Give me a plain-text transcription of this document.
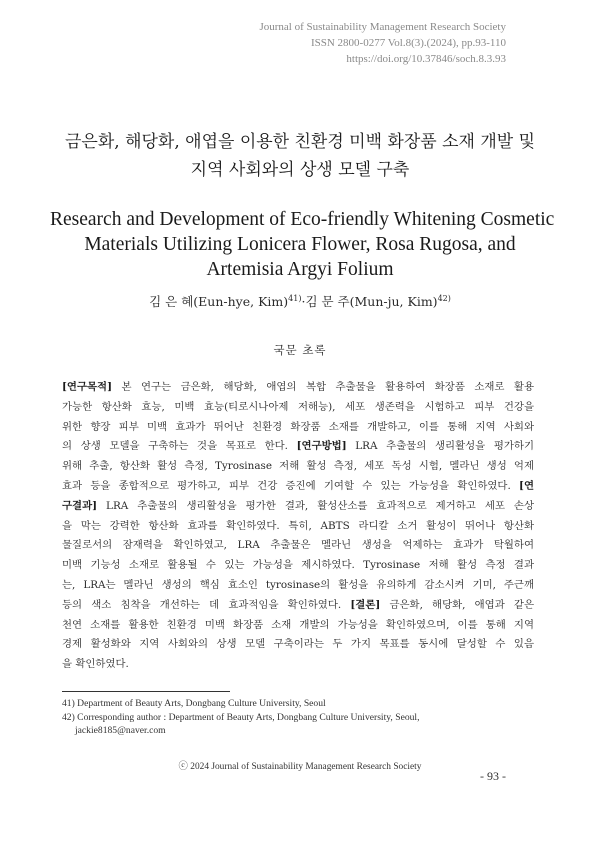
Journal of Sustainability Management Research Society
ISSN 2800-0277 Vol.8(3).(2024), pp.93-110
https://doi.org/10.37846/soch.8.3.93
금은화, 해당화, 애엽을 이용한 친환경 미백 화장품 소재 개발 및
지역 사회와의 상생 모델 구축
Research and Development of Eco-friendly Whitening Cosmetic
Materials Utilizing Lonicera Flower, Rosa Rugosa, and
Artemisia Argyi Folium
김 은 혜(Eun-hye, Kim)$^{41)}$·김 문 주(Mun-ju, Kim)$^{42)}$
국문 초록
[연구목적] 본 연구는 금은화, 해당화, 애엽의 복합 추출물을 활용하여 화장품 소재로 활용
가능한 항산화 효능, 미백 효능(티로시나아제 저해능), 세포 생존력을 시험하고 피부 건강을
위한 향장 피부 미백 효과가 뛰어난 친환경 화장품 소재를 개발하고, 이를 통해 지역 사회와
의 상생 모델을 구축하는 것을 목표로 한다. [연구방법] LRA 추출물의 생리활성을 평가하기
위해 추출, 항산화 활성 측정, Tyrosinase 저해 활성 측정, 세포 독성 시험, 멜라닌 생성 억제
효과 등을 종합적으로 평가하고, 피부 건강 증진에 기여할 수 있는 가능성을 확인하였다. [연
구결과] LRA 추출물의 생리활성을 평가한 결과, 활성산소를 효과적으로 제거하고 세포 손상
을 막는 강력한 항산화 효과를 확인하였다. 특히, ABTS 라디칼 소거 활성이 뛰어나 항산화
물질로서의 잠재력을 확인하였고, LRA 추출물은 멜라닌 생성을 억제하는 효과가 탁월하여
미백 기능성 소재로 활용될 수 있는 가능성을 제시하였다. Tyrosinase 저해 활성 측정 결과
는, LRA는 멜라닌 생성의 핵심 효소인 tyrosinase의 활성을 유의하게 감소시켜 기미, 주근깨
등의 색소 침착을 개선하는 데 효과적임을 확인하였다. [결론] 금은화, 해당화, 애엽과 같은
천연 소재를 활용한 친환경 미백 화장품 소재 개발의 가능성을 확인하였으며, 이를 통해 지역
경제 활성화와 지역 사회와의 상생 모델 구축이라는 두 가지 목표를 동시에 달성할 수 있음
을 확인하였다.
41) Department of Beauty Arts, Dongbang Culture University, Seoul
42) Corresponding author : Department of Beauty Arts, Dongbang Culture University, Seoul,
jackie8185@naver.com
ⓒ 2024 Journal of Sustainability Management Research Society
- 93 -
